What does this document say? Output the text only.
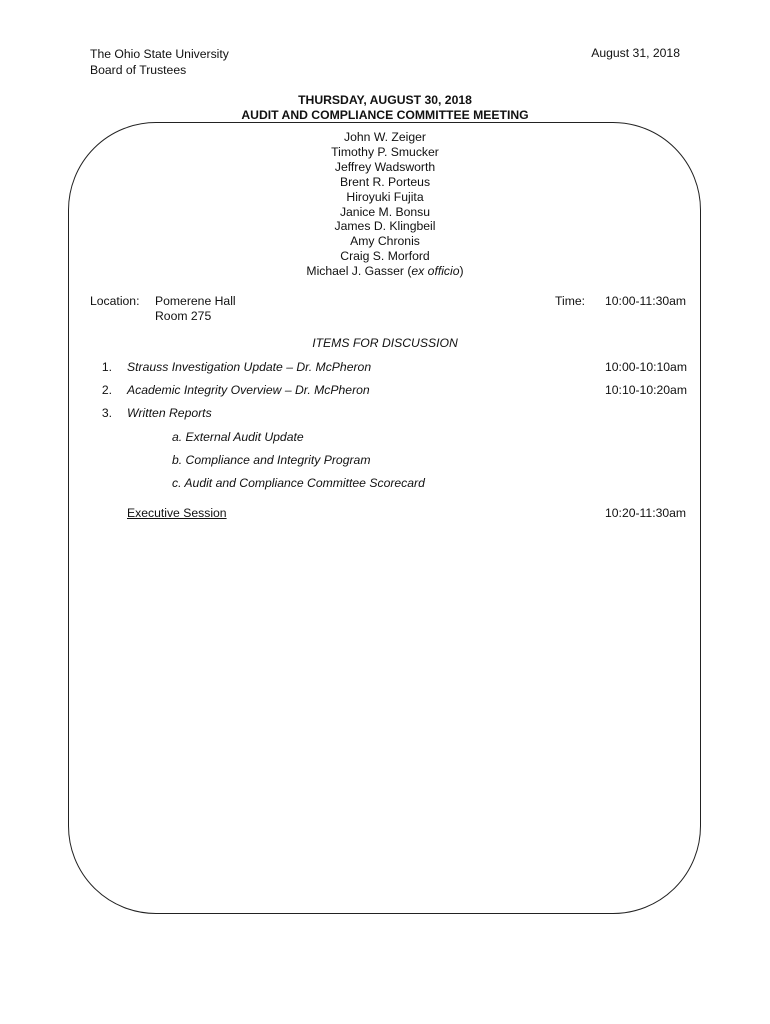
The Ohio State University
Board of Trustees
August 31, 2018
THURSDAY, AUGUST 30, 2018
AUDIT AND COMPLIANCE COMMITTEE MEETING
John W. Zeiger
Timothy P. Smucker
Jeffrey Wadsworth
Brent R. Porteus
Hiroyuki Fujita
Janice M. Bonsu
James D. Klingbeil
Amy Chronis
Craig S. Morford
Michael J. Gasser (ex officio)
Location: Pomerene Hall
Room 275
Time: 10:00-11:30am
ITEMS FOR DISCUSSION
1. Strauss Investigation Update – Dr. McPheron	10:00-10:10am
2. Academic Integrity Overview – Dr. McPheron	10:10-10:20am
3. Written Reports
a. External Audit Update
b. Compliance and Integrity Program
c. Audit and Compliance Committee Scorecard
Executive Session	10:20-11:30am
